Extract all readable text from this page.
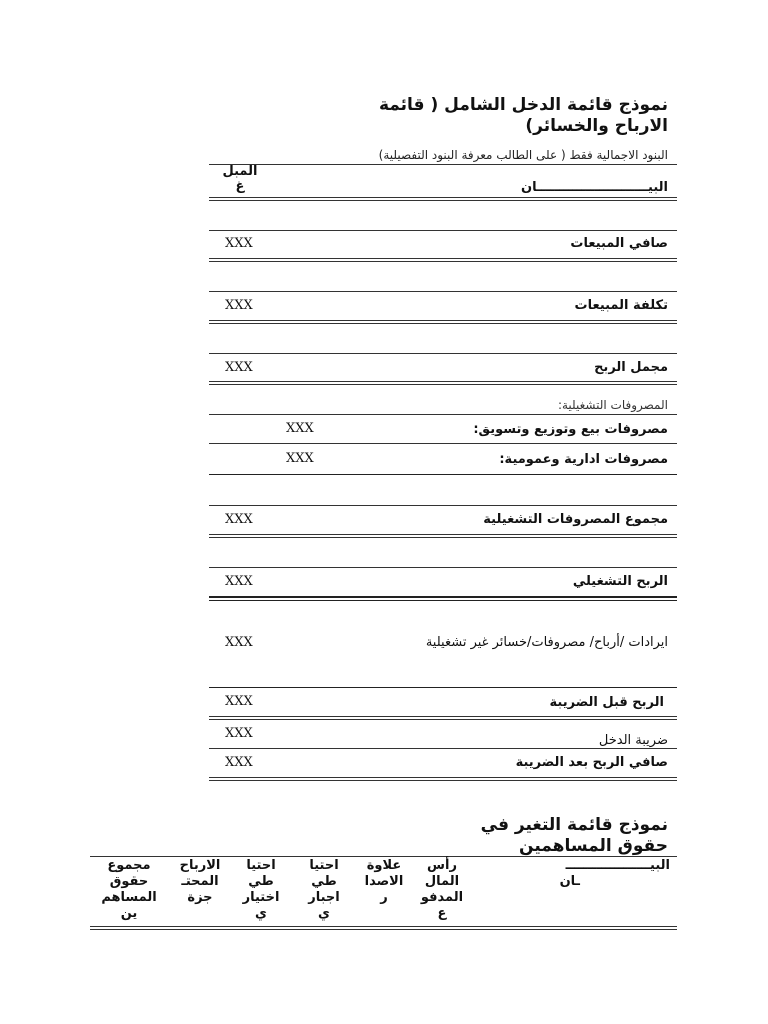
نموذج قائمة الدخل الشامل ( قائمة
الارباح والخسائر)
البنود الاجمالية فقط ( على الطالب معرفة البنود التفصيلية)
البيـــــــــــــــــــــــــان
المبل
غ
صافي المبيعات
XXX
تكلفة المبيعات
XXX
مجمل الربح
XXX
المصروفات التشغيلية:
مصروفات بيع وتوزيع وتسويق:
XXX
مصروفات ادارية وعمومية:
XXX
مجموع المصروفات التشغيلية
XXX
الربح التشغيلي
XXX
ايرادات /أرباح/ مصروفات/خسائر غير تشغيلية
XXX
الربح قبل الضريبة
XXX
ضريبة الدخل
XXX
صافي الربح بعد الضريبة
XXX
نموذج قائمة التغير في
حقوق المساهمين
البيـــــــــــــــــــ
ـان
رأس
المال
المدفو
ع
علاوة
الاصدا
ر
احتيا
طي
اجبار
ي
احتيا
طي
اختيار
ي
الارباح
المحتـ
جزة
مجموع
حقوق
المساهم
ين
